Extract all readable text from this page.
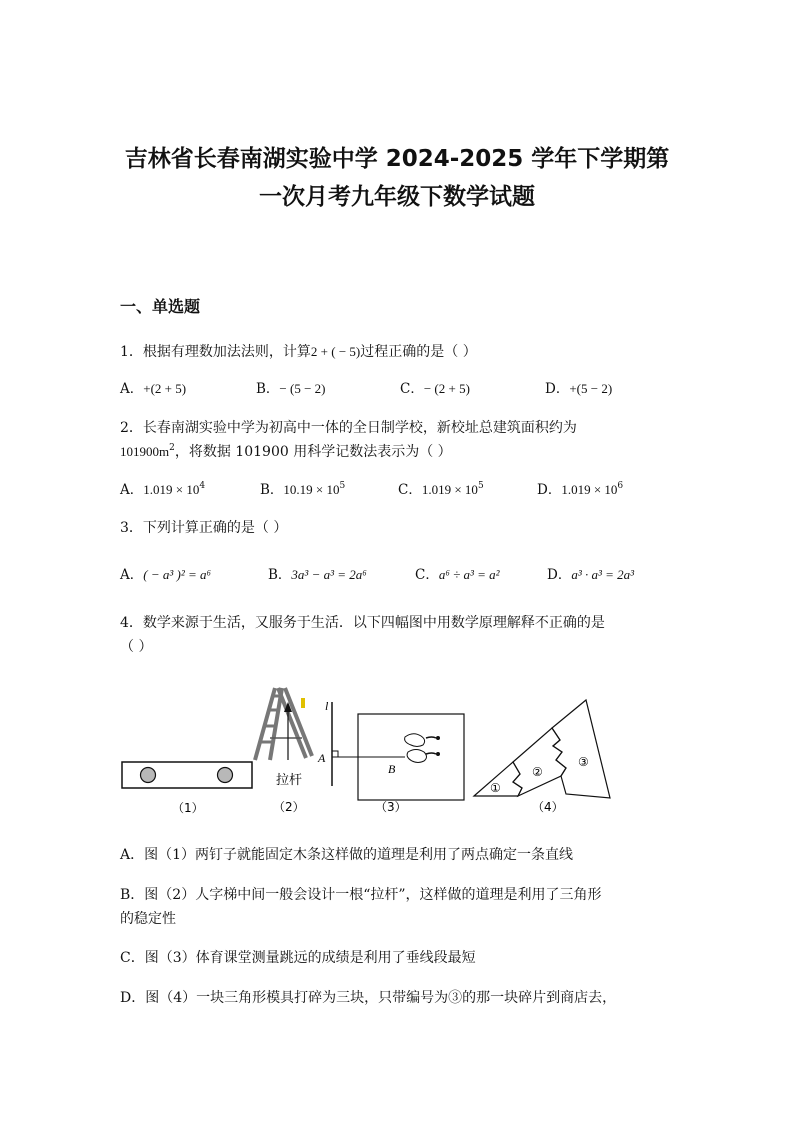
吉林省长春南湖实验中学 2024-2025 学年下学期第
一次月考九年级下数学试题
一、单选题
1．根据有理数加法法则，计算2 + ( − 5)过程正确的是（ ）
A．+(2 + 5)	B．− (5 − 2)	C．− (2 + 5)	D．+(5 − 2)
2．长春南湖实验中学为初高中一体的全日制学校，新校址总建筑面积约为
$101900m^2$，将数据 101900 用科学记数法表示为（ ）
A．$1.019 \times 10^4$	B．$10.19 \times 10^5$	C．$1.019 \times 10^5$	D．$1.019 \times 10^6$
3．下列计算正确的是（ ）
A．( − a³ )² = a⁶	B．3a³ − a³ = 2a⁶	C．a⁶ ÷ a³ = a²	D．a³ · a³ = 2a³
4．数学来源于生活，又服务于生活．以下四幅图中用数学原理解释不正确的是
（ ）
（1）
拉杆
（2）
l
A
B
（3）
①
②
③
（4）
A．图（1）两钉子就能固定木条这样做的道理是利用了两点确定一条直线
B．图（2）人字梯中间一般会设计一根“拉杆”，这样做的道理是利用了三角形
的稳定性
C．图（3）体育课堂测量跳远的成绩是利用了垂线段最短
D．图（4）一块三角形模具打碎为三块，只带编号为③的那一块碎片到商店去，
